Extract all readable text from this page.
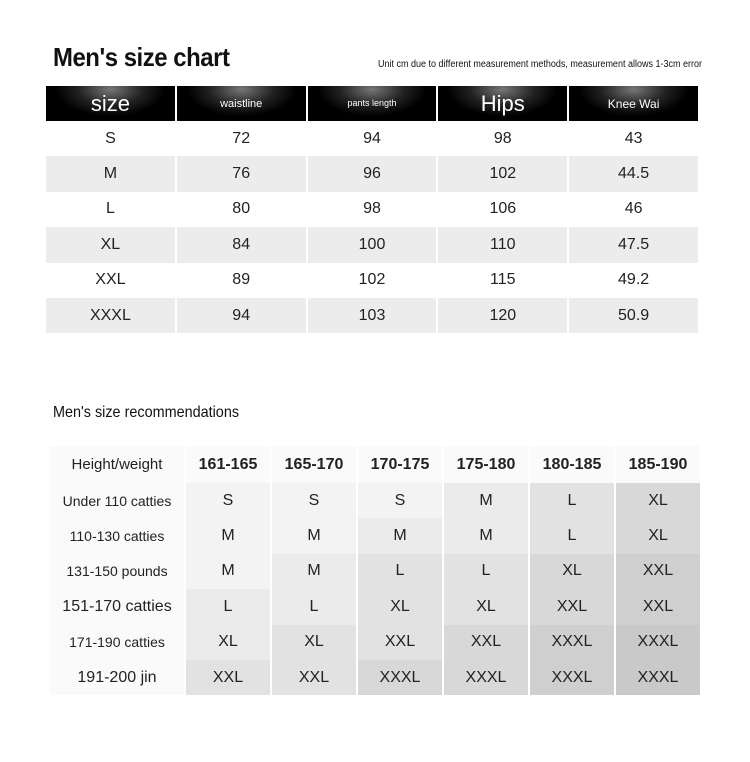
Men's size chart	Unit cm due to different measurement methods, measurement allows 1-3cm error
size	waistline	pants length	Hips	Knee Wai
S	72	94	98	43
M	76	96	102	44.5
L	80	98	106	46
XL	84	100	110	47.5
XXL	89	102	115	49.2
XXXL	94	103	120	50.9
Men's size recommendations
Height/weight	161-165	165-170	170-175	175-180	180-185	185-190
Under 110 catties	S	S	S	M	L	XL
110-130 catties	M	M	M	M	L	XL
131-150 pounds	M	M	L	L	XL	XXL
151-170 catties	L	L	XL	XL	XXL	XXL
171-190 catties	XL	XL	XXL	XXL	XXXL	XXXL
191-200 jin	XXL	XXL	XXXL	XXXL	XXXL	XXXL
